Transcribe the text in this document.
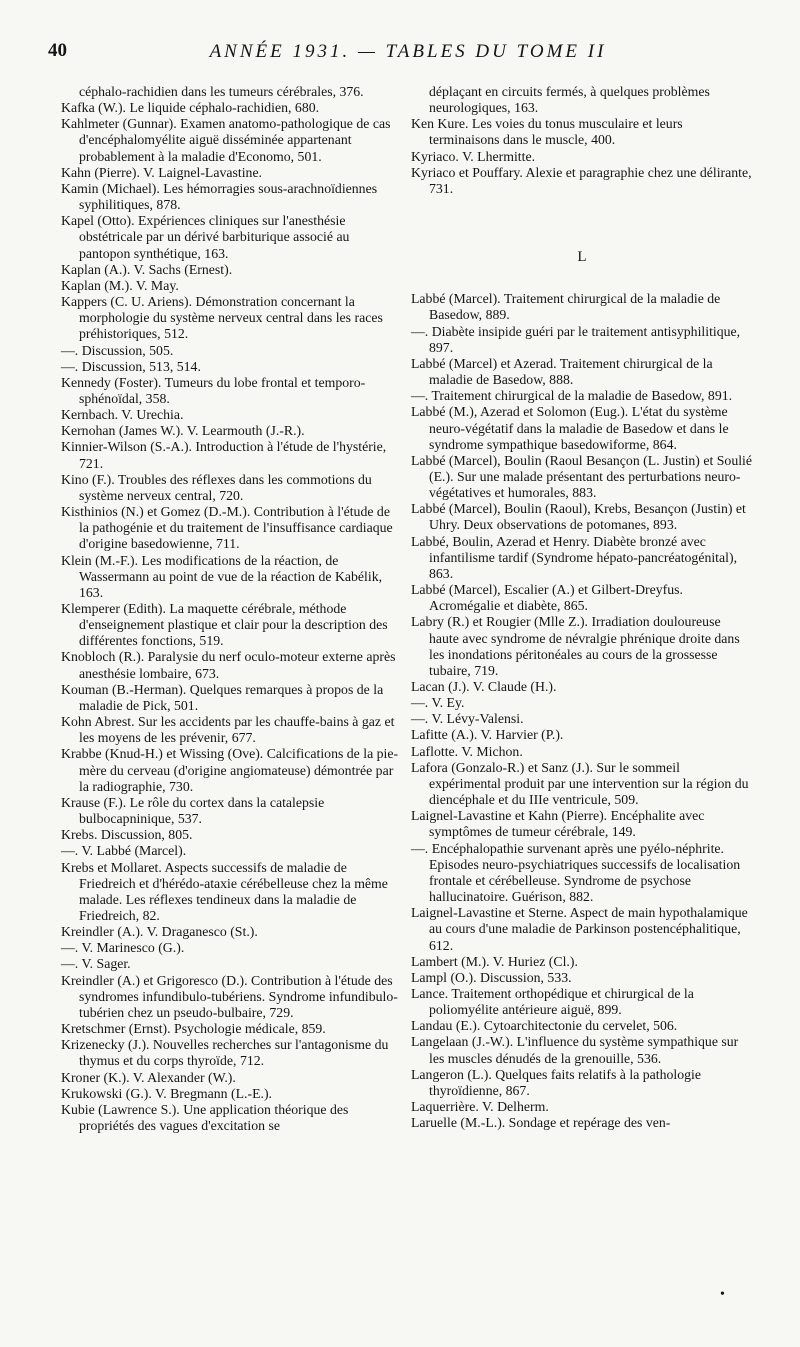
40	ANNÉE 1931. — TABLES DU TOME II

céphalo-rachidien dans les tumeurs cérébrales, 376.

Kafka (W.). Le liquide céphalo-rachidien, 680.

Kahlmeter (Gunnar). Examen anatomo-pathologique de cas d'encéphalomyélite aiguë disséminée appartenant probablement à la maladie d'Economo, 501.

Kahn (Pierre). V. Laignel-Lavastine.

Kamin (Michael). Les hémorragies sous-arachnoïdiennes syphilitiques, 878.

Kapel (Otto). Expériences cliniques sur l'anesthésie obstétricale par un dérivé barbiturique associé au pantopon synthétique, 163.

Kaplan (A.). V. Sachs (Ernest).

Kaplan (M.). V. May.

Kappers (C. U. Ariens). Démonstration concernant la morphologie du système nerveux central dans les races préhistoriques, 512.

—. Discussion, 505.

—. Discussion, 513, 514.

Kennedy (Foster). Tumeurs du lobe frontal et temporo-sphénoïdal, 358.

Kernbach. V. Urechia.

Kernohan (James W.). V. Learmouth (J.-R.).

Kinnier-Wilson (S.-A.). Introduction à l'étude de l'hystérie, 721.

Kino (F.). Troubles des réflexes dans les commotions du système nerveux central, 720.

Kisthinios (N.) et Gomez (D.-M.). Contribution à l'étude de la pathogénie et du traitement de l'insuffisance cardiaque d'origine basedowienne, 711.

Klein (M.-F.). Les modifications de la réaction, de Wassermann au point de vue de la réaction de Kabélik, 163.

Klemperer (Edith). La maquette cérébrale, méthode d'enseignement plastique et clair pour la description des différentes fonctions, 519.

Knobloch (R.). Paralysie du nerf oculo-moteur externe après anesthésie lombaire, 673.

Kouman (B.-Herman). Quelques remarques à propos de la maladie de Pick, 501.

Kohn Abrest. Sur les accidents par les chauffe-bains à gaz et les moyens de les prévenir, 677.

Krabbe (Knud-H.) et Wissing (Ove). Calcifications de la pie-mère du cerveau (d'origine angiomateuse) démontrée par la radiographie, 730.

Krause (F.). Le rôle du cortex dans la catalepsie bulbocapninique, 537.

Krebs. Discussion, 805.

—. V. Labbé (Marcel).

Krebs et Mollaret. Aspects successifs de maladie de Friedreich et d'hérédo-ataxie cérébelleuse chez la même malade. Les réflexes tendineux dans la maladie de Friedreich, 82.

Kreindler (A.). V. Draganesco (St.).

—. V. Marinesco (G.).

—. V. Sager.

Kreindler (A.) et Grigoresco (D.). Contribution à l'étude des syndromes infundibulo-tubériens. Syndrome infundibulo-tubérien chez un pseudo-bulbaire, 729.

Kretschmer (Ernst). Psychologie médicale, 859.

Krizenecky (J.). Nouvelles recherches sur l'antagonisme du thymus et du corps thyroïde, 712.

Kroner (K.). V. Alexander (W.).

Krukowski (G.). V. Bregmann (L.-E.).

Kubie (Lawrence S.). Une application théorique des propriétés des vagues d'excitation se

déplaçant en circuits fermés, à quelques problèmes neurologiques, 163.

Ken Kure. Les voies du tonus musculaire et leurs terminaisons dans le muscle, 400.

Kyriaco. V. Lhermitte.

Kyriaco et Pouffary. Alexie et paragraphie chez une délirante, 731.

L

Labbé (Marcel). Traitement chirurgical de la maladie de Basedow, 889.

—. Diabète insipide guéri par le traitement antisyphilitique, 897.

Labbé (Marcel) et Azerad. Traitement chirurgical de la maladie de Basedow, 888.

—. Traitement chirurgical de la maladie de Basedow, 891.

Labbé (M.), Azerad et Solomon (Eug.). L'état du système neuro-végétatif dans la maladie de Basedow et dans le syndrome sympathique basedowiforme, 864.

Labbé (Marcel), Boulin (Raoul Besançon (L. Justin) et Soulié (E.). Sur une malade présentant des perturbations neuro-végétatives et humorales, 883.

Labbé (Marcel), Boulin (Raoul), Krebs, Besançon (Justin) et Uhry. Deux observations de potomanes, 893.

Labbé, Boulin, Azerad et Henry. Diabète bronzé avec infantilisme tardif (Syndrome hépato-pancréatogénital), 863.

Labbé (Marcel), Escalier (A.) et Gilbert-Dreyfus. Acromégalie et diabète, 865.

Labry (R.) et Rougier (Mlle Z.). Irradiation douloureuse haute avec syndrome de névralgie phrénique droite dans les inondations péritonéales au cours de la grossesse tubaire, 719.

Lacan (J.). V. Claude (H.).

—. V. Ey.

—. V. Lévy-Valensi.

Lafitte (A.). V. Harvier (P.).

Laflotte. V. Michon.

Lafora (Gonzalo-R.) et Sanz (J.). Sur le sommeil expérimental produit par une intervention sur la région du diencéphale et du IIIe ventricule, 509.

Laignel-Lavastine et Kahn (Pierre). Encéphalite avec symptômes de tumeur cérébrale, 149.

—. Encéphalopathie survenant après une pyélo-néphrite. Episodes neuro-psychiatriques successifs de localisation frontale et cérébelleuse. Syndrome de psychose hallucinatoire. Guérison, 882.

Laignel-Lavastine et Sterne. Aspect de main hypothalamique au cours d'une maladie de Parkinson postencéphalitique, 612.

Lambert (M.). V. Huriez (Cl.).

Lampl (O.). Discussion, 533.

Lance. Traitement orthopédique et chirurgical de la poliomyélite antérieure aiguë, 899.

Landau (E.). Cytoarchitectonie du cervelet, 506.

Langelaan (J.-W.). L'influence du système sympathique sur les muscles dénudés de la grenouille, 536.

Langeron (L.). Quelques faits relatifs à la pathologie thyroïdienne, 867.

Laquerrière. V. Delherm.

Laruelle (M.-L.). Sondage et repérage des ven-

•
